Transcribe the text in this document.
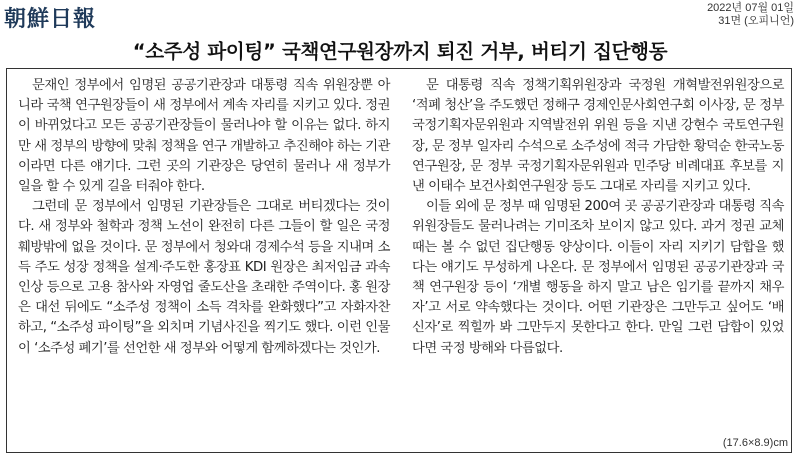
朝鮮日報	2022년 07월 01일
31면 (오피니언)
“소주성 파이팅” 국책연구원장까지 퇴진 거부, 버티기 집단행동

문재인 정부에서 임명된 공공기관장과 대통령 직속 위원장뿐 아니라 국책 연구원장들이 새 정부에서 계속 자리를 지키고 있다. 정권이 바뀌었다고 모든 공공기관장들이 물러나야 할 이유는 없다. 하지만 새 정부의 방향에 맞춰 정책을 연구 개발하고 추진해야 하는 기관이라면 다른 얘기다. 그런 곳의 기관장은 당연히 물러나 새 정부가 일을 할 수 있게 길을 터줘야 한다.

그런데 문 정부에서 임명된 기관장들은 그대로 버티겠다는 것이다. 새 정부와 철학과 정책 노선이 완전히 다른 그들이 할 일은 국정 훼방밖에 없을 것이다. 문 정부에서 청와대 경제수석 등을 지내며 소득 주도 성장 정책을 설계·주도한 홍장표 KDI 원장은 최저임금 과속 인상 등으로 고용 참사와 자영업 줄도산을 초래한 주역이다. 홍 원장은 대선 뒤에도 “소주성 정책이 소득 격차를 완화했다”고 자화자찬하고, “소주성 파이팅”을 외치며 기념사진을 찍기도 했다. 이런 인물이 ‘소주성 폐기’를 선언한 새 정부와 어떻게 함께하겠다는 것인가.

문 대통령 직속 정책기획위원장과 국정원 개혁발전위원장으로 ‘적폐 청산’을 주도했던 정해구 경제인문사회연구회 이사장, 문 정부 국정기획자문위원과 지역발전위 위원 등을 지낸 강현수 국토연구원장, 문 정부 일자리 수석으로 소주성에 적극 가담한 황덕순 한국노동연구원장, 문 정부 국정기획자문위원과 민주당 비례대표 후보를 지낸 이태수 보건사회연구원장 등도 그대로 자리를 지키고 있다.

이들 외에 문 정부 때 임명된 200여 곳 공공기관장과 대통령 직속 위원장들도 물러나려는 기미조차 보이지 않고 있다. 과거 정권 교체 때는 볼 수 없던 집단행동 양상이다. 이들이 자리 지키기 담합을 했다는 얘기도 무성하게 나온다. 문 정부에서 임명된 공공기관장과 국책 연구원장 등이 ‘개별 행동을 하지 말고 남은 임기를 끝까지 채우자’고 서로 약속했다는 것이다. 어떤 기관장은 그만두고 싶어도 ‘배신자’로 찍힐까 봐 그만두지 못한다고 한다. 만일 그런 담합이 있었다면 국정 방해와 다름없다.

(17.6×8.9)cm
